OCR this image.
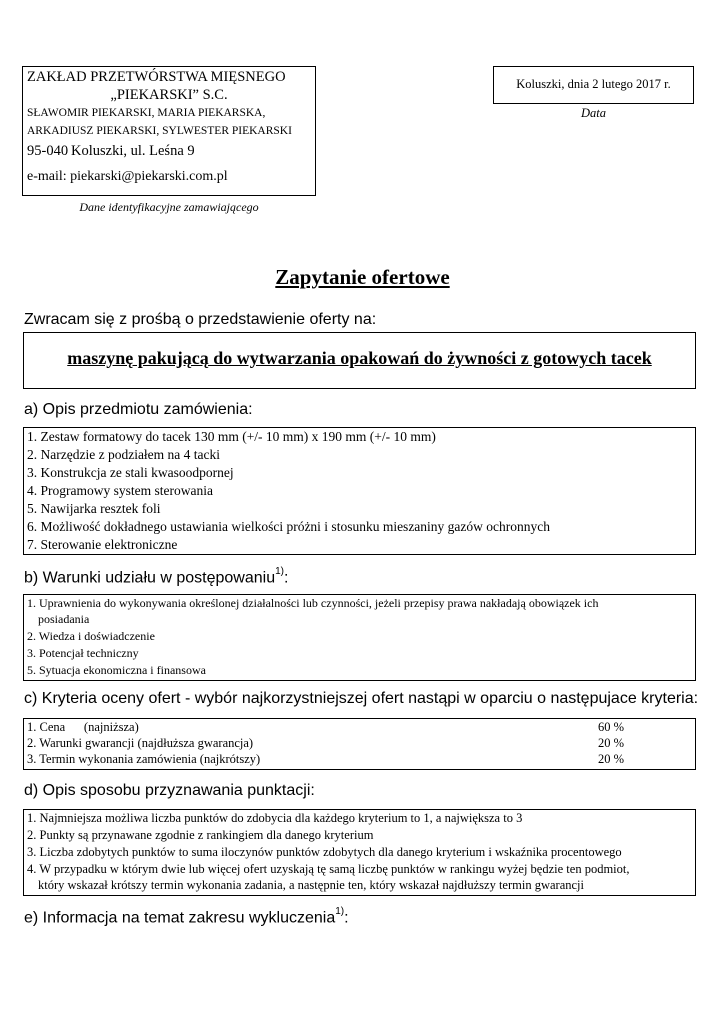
ZAKŁAD PRZETWÓRSTWA MIĘSNEGO
„PIEKARSKI” S.C.
SŁAWOMIR PIEKARSKI, MARIA PIEKARSKA,
ARKADIUSZ PIEKARSKI, SYLWESTER PIEKARSKI
95-040 Koluszki, ul. Leśna 9
e-mail: piekarski@piekarski.com.pl
Dane identyfikacyjne zamawiającego
Koluszki, dnia 2 lutego 2017 r.
Data
Zapytanie ofertowe
Zwracam się z prośbą o przedstawienie oferty na:
maszynę pakującą do wytwarzania opakowań do żywności z gotowych tacek
a) Opis przedmiotu zamówienia:
1. Zestaw formatowy do tacek 130 mm (+/- 10 mm) x 190 mm (+/- 10 mm)
2. Narzędzie z podziałem na 4 tacki
3. Konstrukcja ze stali kwasoodpornej
4. Programowy system sterowania
5. Nawijarka resztek foli
6. Możliwość dokładnego ustawiania wielkości próżni i stosunku mieszaniny gazów ochronnych
7. Sterowanie elektroniczne
b) Warunki udziału w postępowaniu$^{1)}$:
1. Uprawnienia do wykonywania określonej działalności lub czynności, jeżeli przepisy prawa nakładają obowiązek ich
posiadania
2. Wiedza i doświadczenie
3. Potencjał techniczny
5. Sytuacja ekonomiczna i finansowa
c) Kryteria oceny ofert - wybór najkorzystniejszej ofert nastąpi w oparciu o następujace kryteria:
1. Cena      (najniższa)	60 %
2. Warunki gwarancji (najdłuższa gwarancja)	20 %
3. Termin wykonania zamówienia (najkrótszy)	20 %
d) Opis sposobu przyznawania punktacji:
1. Najmniejsza możliwa liczba punktów do zdobycia dla każdego kryterium to 1, a największa to 3
2. Punkty są przynawane zgodnie z rankingiem dla danego kryterium
3. Liczba zdobytych punktów to suma iloczynów punktów zdobytych dla danego kryterium i wskaźnika procentowego
4. W przypadku w którym dwie lub więcej ofert uzyskają tę samą liczbę punktów w rankingu wyżej będzie ten podmiot,
który wskazał krótszy termin wykonania zadania, a następnie ten, który wskazał najdłuższy termin gwarancji
e) Informacja na temat zakresu wykluczenia$^{1)}$:
